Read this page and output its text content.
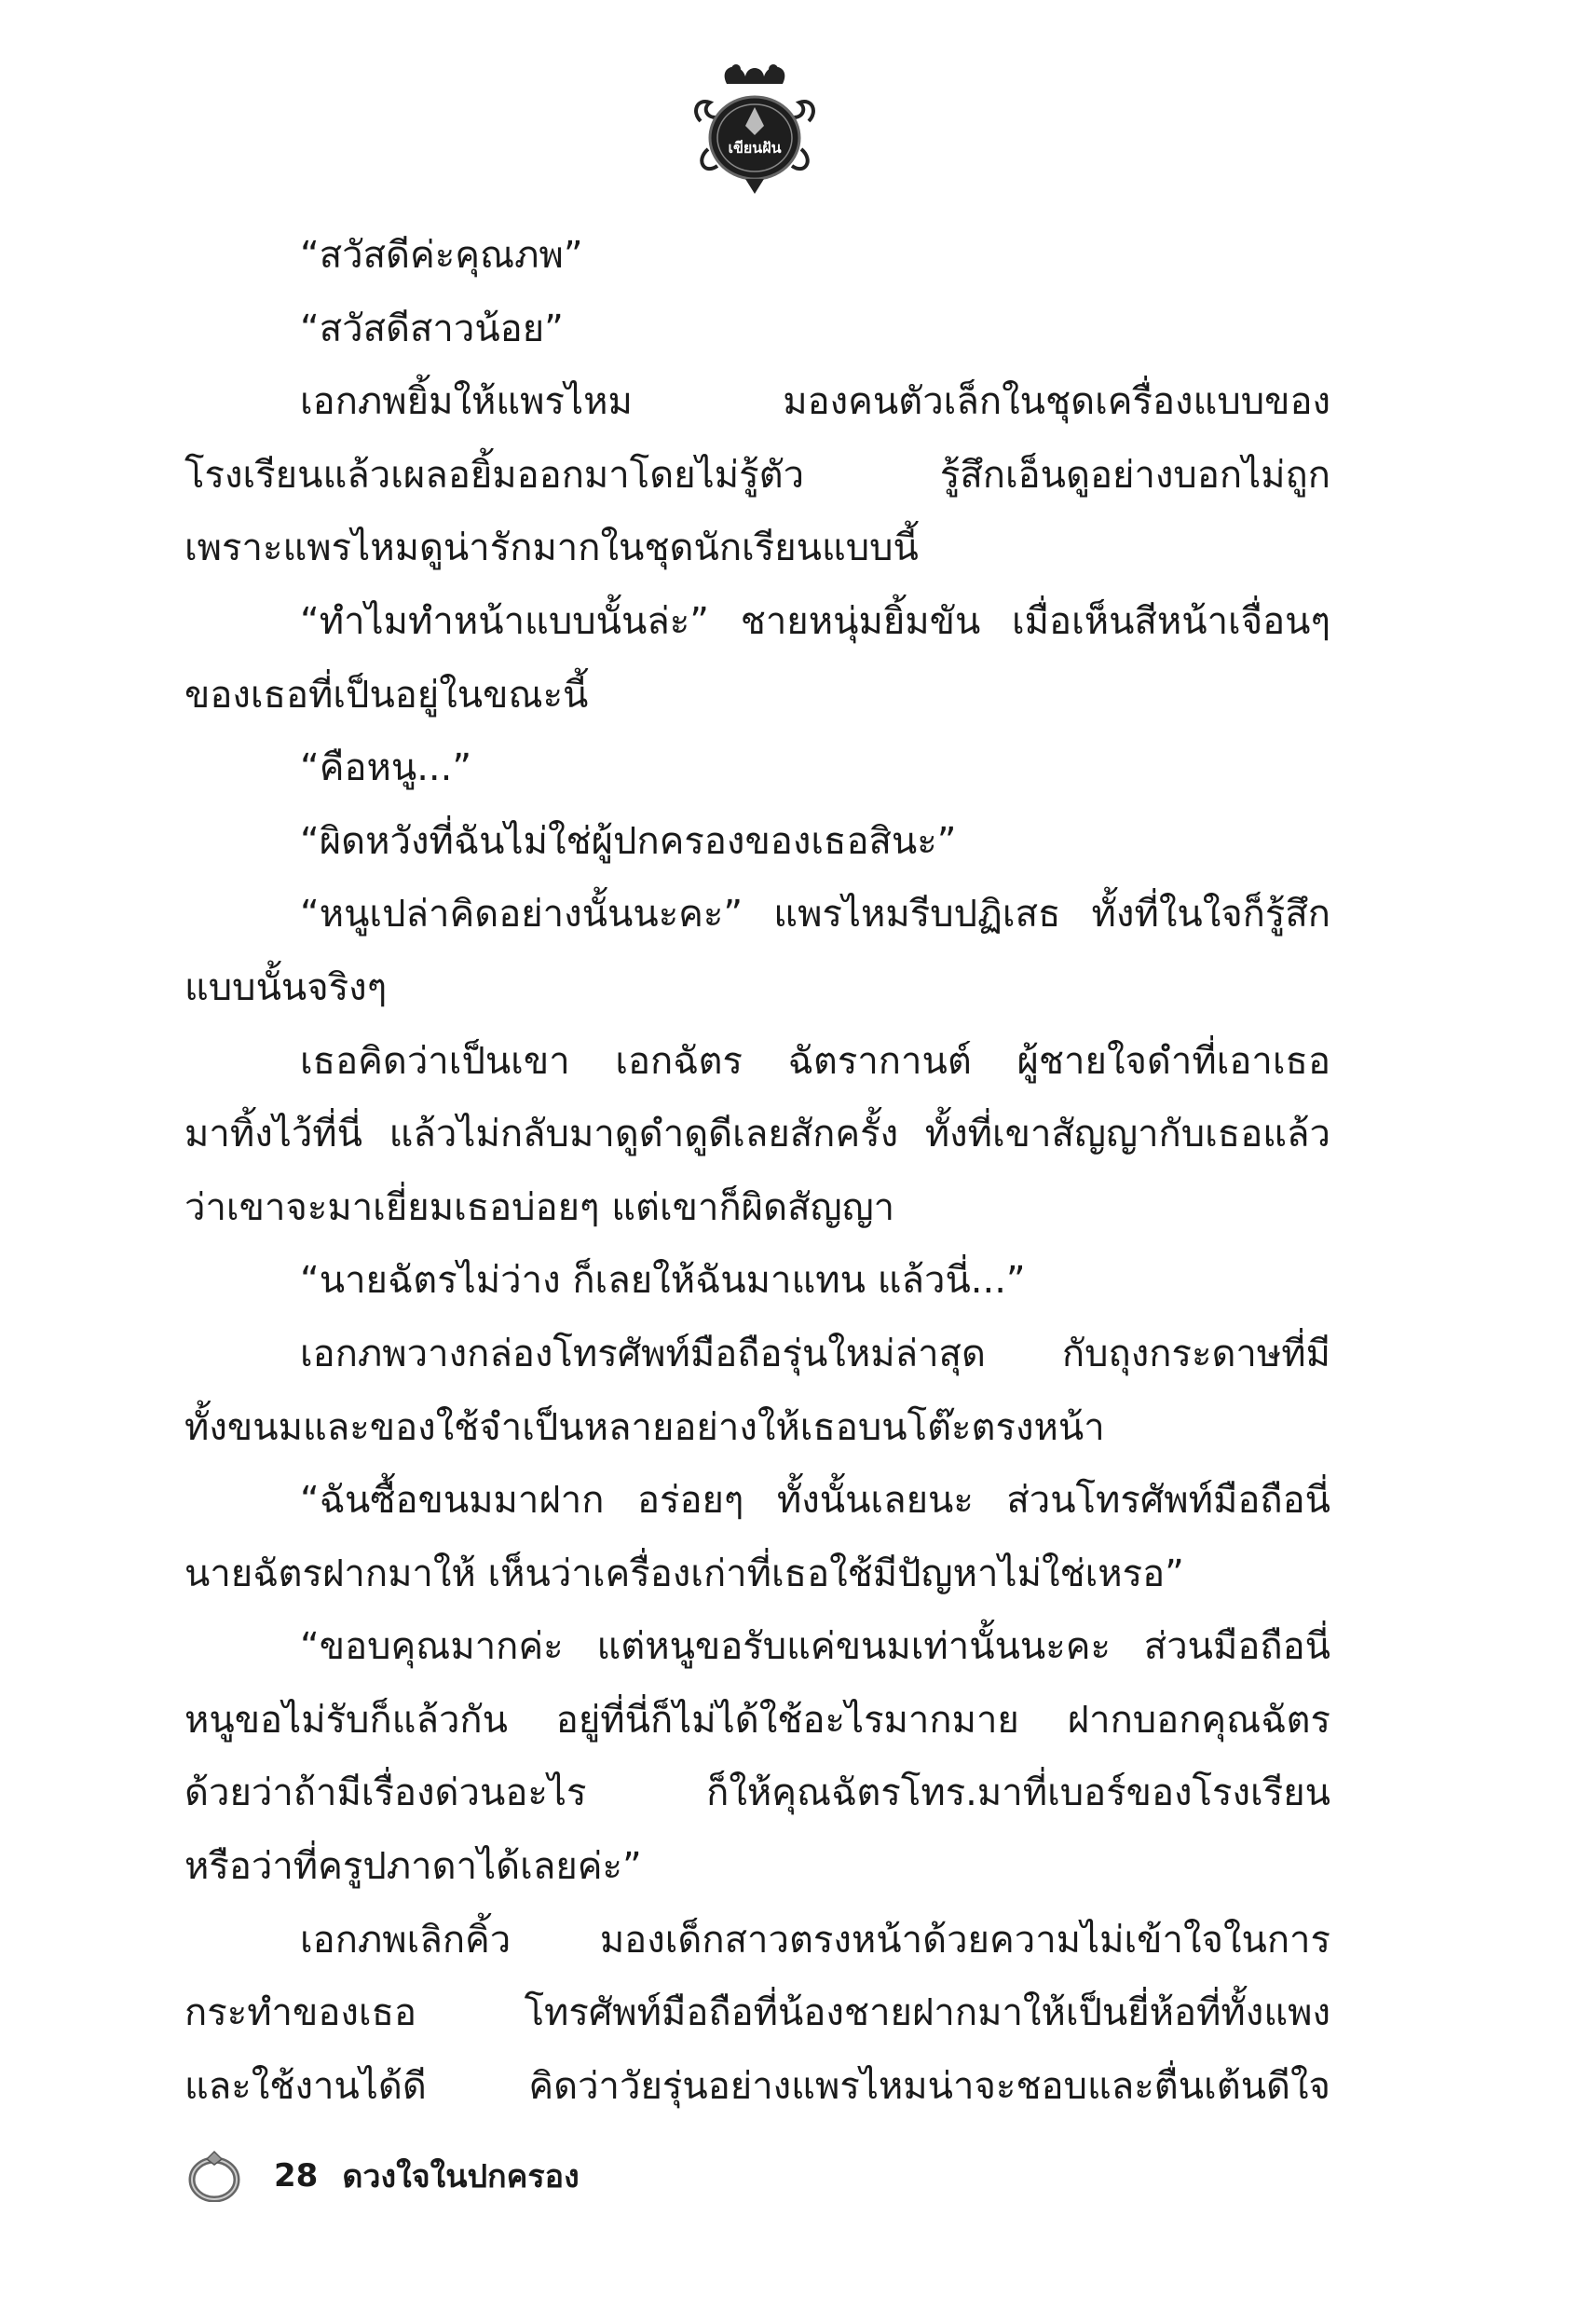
เขียนฝัน
“สวัสดีค่ะคุณภพ”
“สวัสดีสาวน้อย”
เอกภพยิ้มให้แพรไหม มองคนตัวเล็กในชุดเครื่องแบบของ
โรงเรียนแล้วเผลอยิ้มออกมาโดยไม่รู้ตัว รู้สึกเอ็นดูอย่างบอกไม่ถูก
เพราะแพรไหมดูน่ารักมากในชุดนักเรียนแบบนี้
“ทำไมทำหน้าแบบนั้นล่ะ” ชายหนุ่มยิ้มขัน เมื่อเห็นสีหน้าเจื่อนๆ
ของเธอที่เป็นอยู่ในขณะนี้
“คือหนู...”
“ผิดหวังที่ฉันไม่ใช่ผู้ปกครองของเธอสินะ”
“หนูเปล่าคิดอย่างนั้นนะคะ” แพรไหมรีบปฏิเสธ ทั้งที่ในใจก็รู้สึก
แบบนั้นจริงๆ
เธอคิดว่าเป็นเขา เอกฉัตร ฉัตรากานต์ ผู้ชายใจดำที่เอาเธอ
มาทิ้งไว้ที่นี่ แล้วไม่กลับมาดูดำดูดีเลยสักครั้ง ทั้งที่เขาสัญญากับเธอแล้ว
ว่าเขาจะมาเยี่ยมเธอบ่อยๆ แต่เขาก็ผิดสัญญา
“นายฉัตรไม่ว่าง ก็เลยให้ฉันมาแทน แล้วนี่...”
เอกภพวางกล่องโทรศัพท์มือถือรุ่นใหม่ล่าสุด กับถุงกระดาษที่มี
ทั้งขนมและของใช้จำเป็นหลายอย่างให้เธอบนโต๊ะตรงหน้า
“ฉันซื้อขนมมาฝาก อร่อยๆ ทั้งนั้นเลยนะ ส่วนโทรศัพท์มือถือนี่
นายฉัตรฝากมาให้ เห็นว่าเครื่องเก่าที่เธอใช้มีปัญหาไม่ใช่เหรอ”
“ขอบคุณมากค่ะ แต่หนูขอรับแค่ขนมเท่านั้นนะคะ ส่วนมือถือนี่
หนูขอไม่รับก็แล้วกัน อยู่ที่นี่ก็ไม่ได้ใช้อะไรมากมาย ฝากบอกคุณฉัตร
ด้วยว่าถ้ามีเรื่องด่วนอะไร ก็ให้คุณฉัตรโทร.มาที่เบอร์ของโรงเรียน
หรือว่าที่ครูปภาดาได้เลยค่ะ”
เอกภพเลิกคิ้ว มองเด็กสาวตรงหน้าด้วยความไม่เข้าใจในการ
กระทำของเธอ โทรศัพท์มือถือที่น้องชายฝากมาให้เป็นยี่ห้อที่ทั้งแพง
และใช้งานได้ดี คิดว่าวัยรุ่นอย่างแพรไหมน่าจะชอบและตื่นเต้นดีใจ
28 ดวงใจในปกครอง
